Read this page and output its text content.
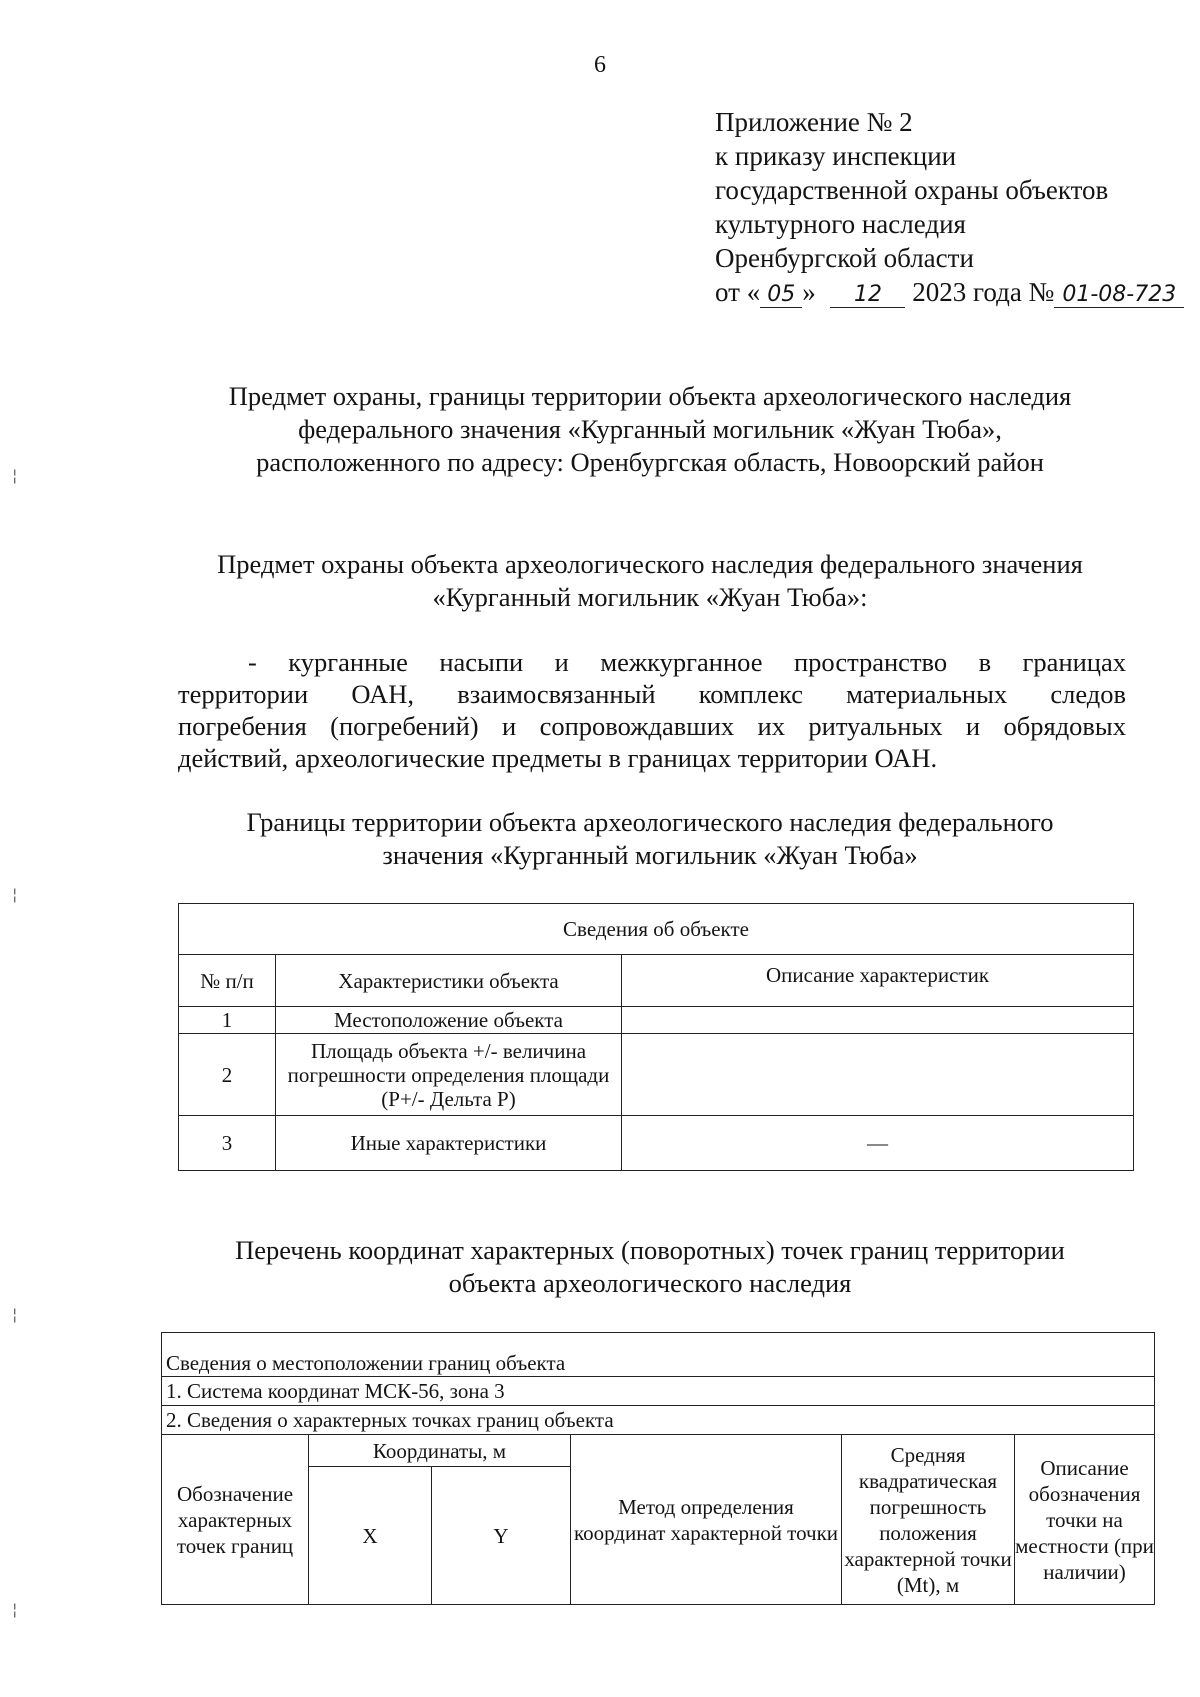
6
Приложение № 2
к приказу инспекции
государственной охраны объектов
культурного наследия
Оренбургской области
от « 05 » 12 2023 года № 01-08-723
Предмет охраны, границы территории объекта археологического наследия
федерального значения «Курганный могильник «Жуан Тюба»,
расположенного по адресу: Оренбургская область, Новоорский район
Предмет охраны объекта археологического наследия федерального значения
«Курганный могильник «Жуан Тюба»:
- курганные насыпи и межкурганное пространство в границах
территории ОАН, взаимосвязанный комплекс материальных следов
погребения (погребений) и сопровождавших их ритуальных и обрядовых
действий, археологические предметы в границах территории ОАН.
Границы территории объекта археологического наследия федерального
значения «Курганный могильник «Жуан Тюба»
Сведения об объекте		
№ п/п	Характеристики объекта	Описание характеристик
1	Местоположение объекта	
2	Площадь объекта +/- величина погрешности определения площади (Р+/- Дельта Р)	
3	Иные характеристики	—
Перечень координат характерных (поворотных) точек границ территории
объекта археологического наследия
Сведения о местоположении границ объекта					
1. Система координат МСК-56, зона 3					
2. Сведения о характерных точках границ объекта					
Обозначение характерных точек границ	Координаты, м		Метод определения координат характерной точки	Средняя квадратическая погрешность положения характерной точки (Mt), м	Описание обозначения точки на местности (при наличии)
	X	Y			
¦
¦
¦
¦
